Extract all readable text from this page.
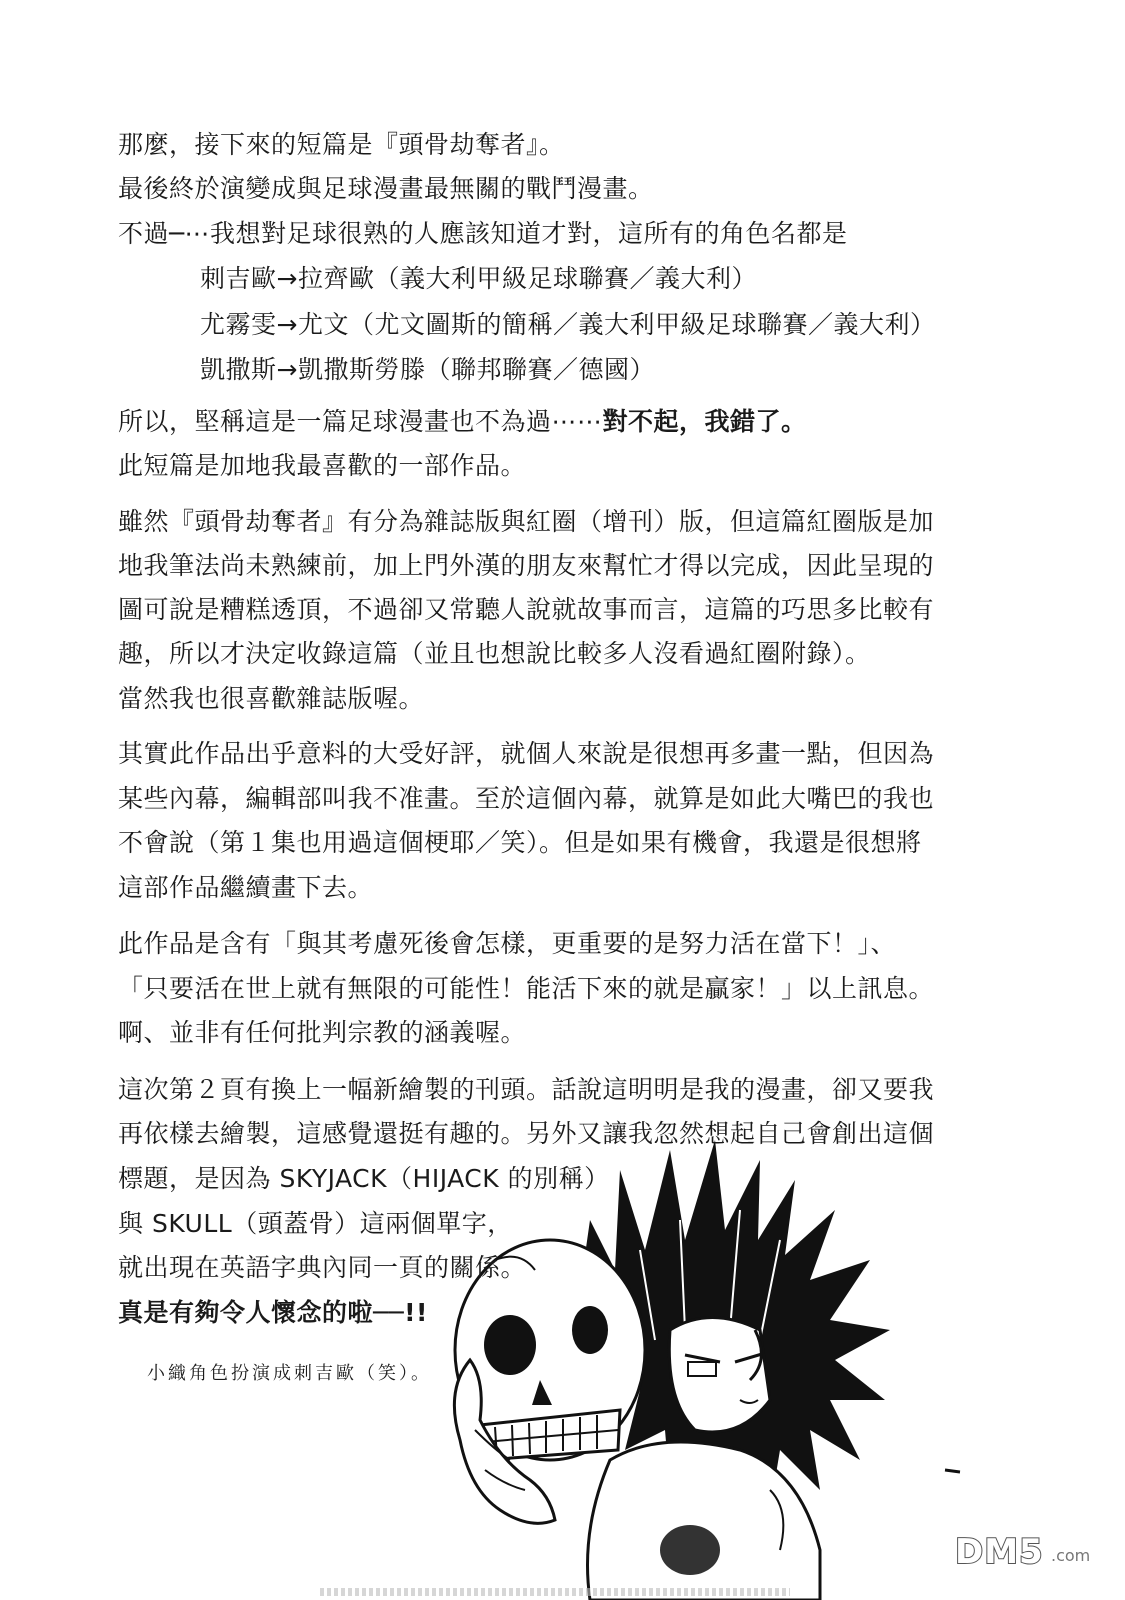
那麼，接下來的短篇是『頭骨劫奪者』。
最後終於演變成與足球漫畫最無關的戰鬥漫畫。
不過─⋯我想對足球很熟的人應該知道才對，這所有的角色名都是
刺吉歐→拉齊歐（義大利甲級足球聯賽／義大利）
尤霧雯→尤文（尤文圖斯的簡稱／義大利甲級足球聯賽／義大利）
凱撒斯→凱撒斯勞滕（聯邦聯賽／德國）
所以，堅稱這是一篇足球漫畫也不為過⋯⋯對不起，我錯了。
此短篇是加地我最喜歡的一部作品。
雖然『頭骨劫奪者』有分為雜誌版與紅圈（增刊）版，但這篇紅圈版是加
地我筆法尚未熟練前，加上門外漢的朋友來幫忙才得以完成，因此呈現的
圖可說是糟糕透頂，不過卻又常聽人說就故事而言，這篇的巧思多比較有
趣，所以才決定收錄這篇（並且也想說比較多人沒看過紅圈附錄）。
當然我也很喜歡雜誌版喔。
其實此作品出乎意料的大受好評，就個人來說是很想再多畫一點，但因為
某些內幕，編輯部叫我不准畫。至於這個內幕，就算是如此大嘴巴的我也
不會說（第１集也用過這個梗耶／笑）。但是如果有機會，我還是很想將
這部作品繼續畫下去。
此作品是含有「與其考慮死後會怎樣，更重要的是努力活在當下！」、
「只要活在世上就有無限的可能性！能活下來的就是贏家！」以上訊息。
啊、並非有任何批判宗教的涵義喔。
這次第２頁有換上一幅新繪製的刊頭。話說這明明是我的漫畫，卻又要我
再依樣去繪製，這感覺還挺有趣的。另外又讓我忽然想起自己會創出這個
標題，是因為 SKYJACK（HIJACK 的別稱）
與 SKULL（頭蓋骨）這兩個單字，
就出現在英語字典內同一頁的關係。
真是有夠令人懷念的啦──!!
小織角色扮演成刺吉歐（笑）。
DM5 .com
